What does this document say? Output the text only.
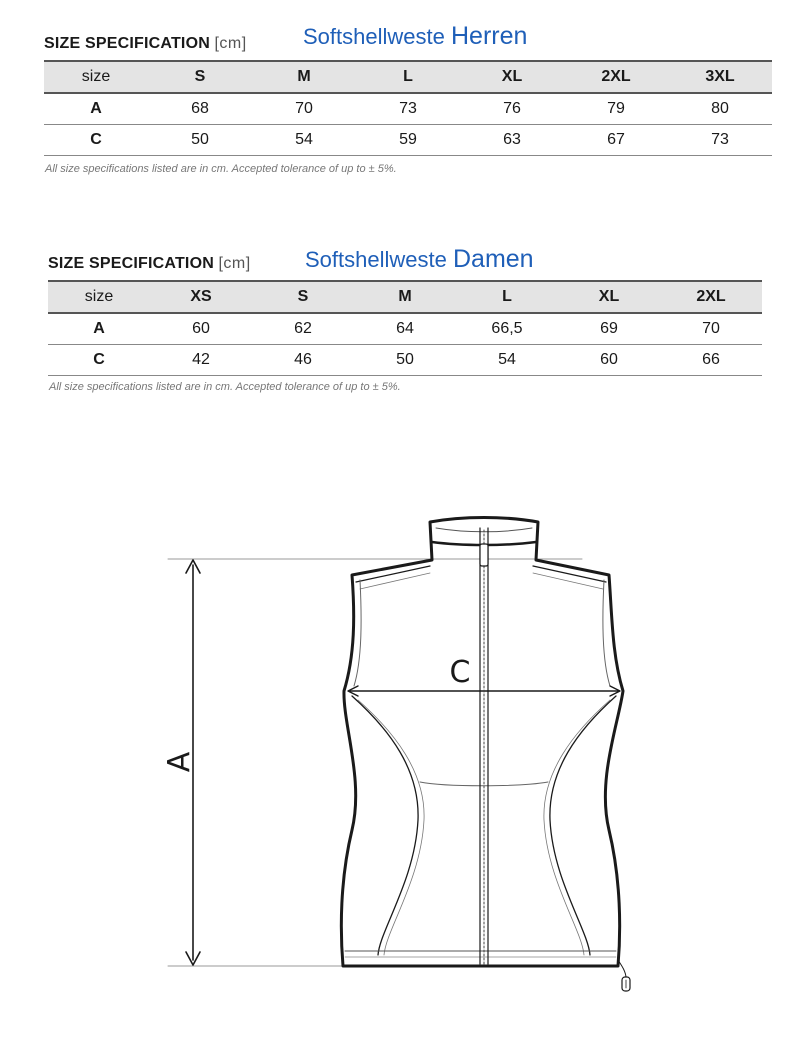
SIZE SPECIFICATION [cm]	Softshellweste Herren
size	S	M	L	XL	2XL	3XL
A	68	70	73	76	79	80
C	50	54	59	63	67	73
All size specifications listed are in cm. Accepted tolerance of up to ± 5%.
SIZE SPECIFICATION [cm] Softshellweste Damen
size	XS	S	M	L	XL	2XL
A	60	62	64	66,5	69	70
C	42	46	50	54	60	66
All size specifications listed are in cm. Accepted tolerance of up to ± 5%.
C
A
